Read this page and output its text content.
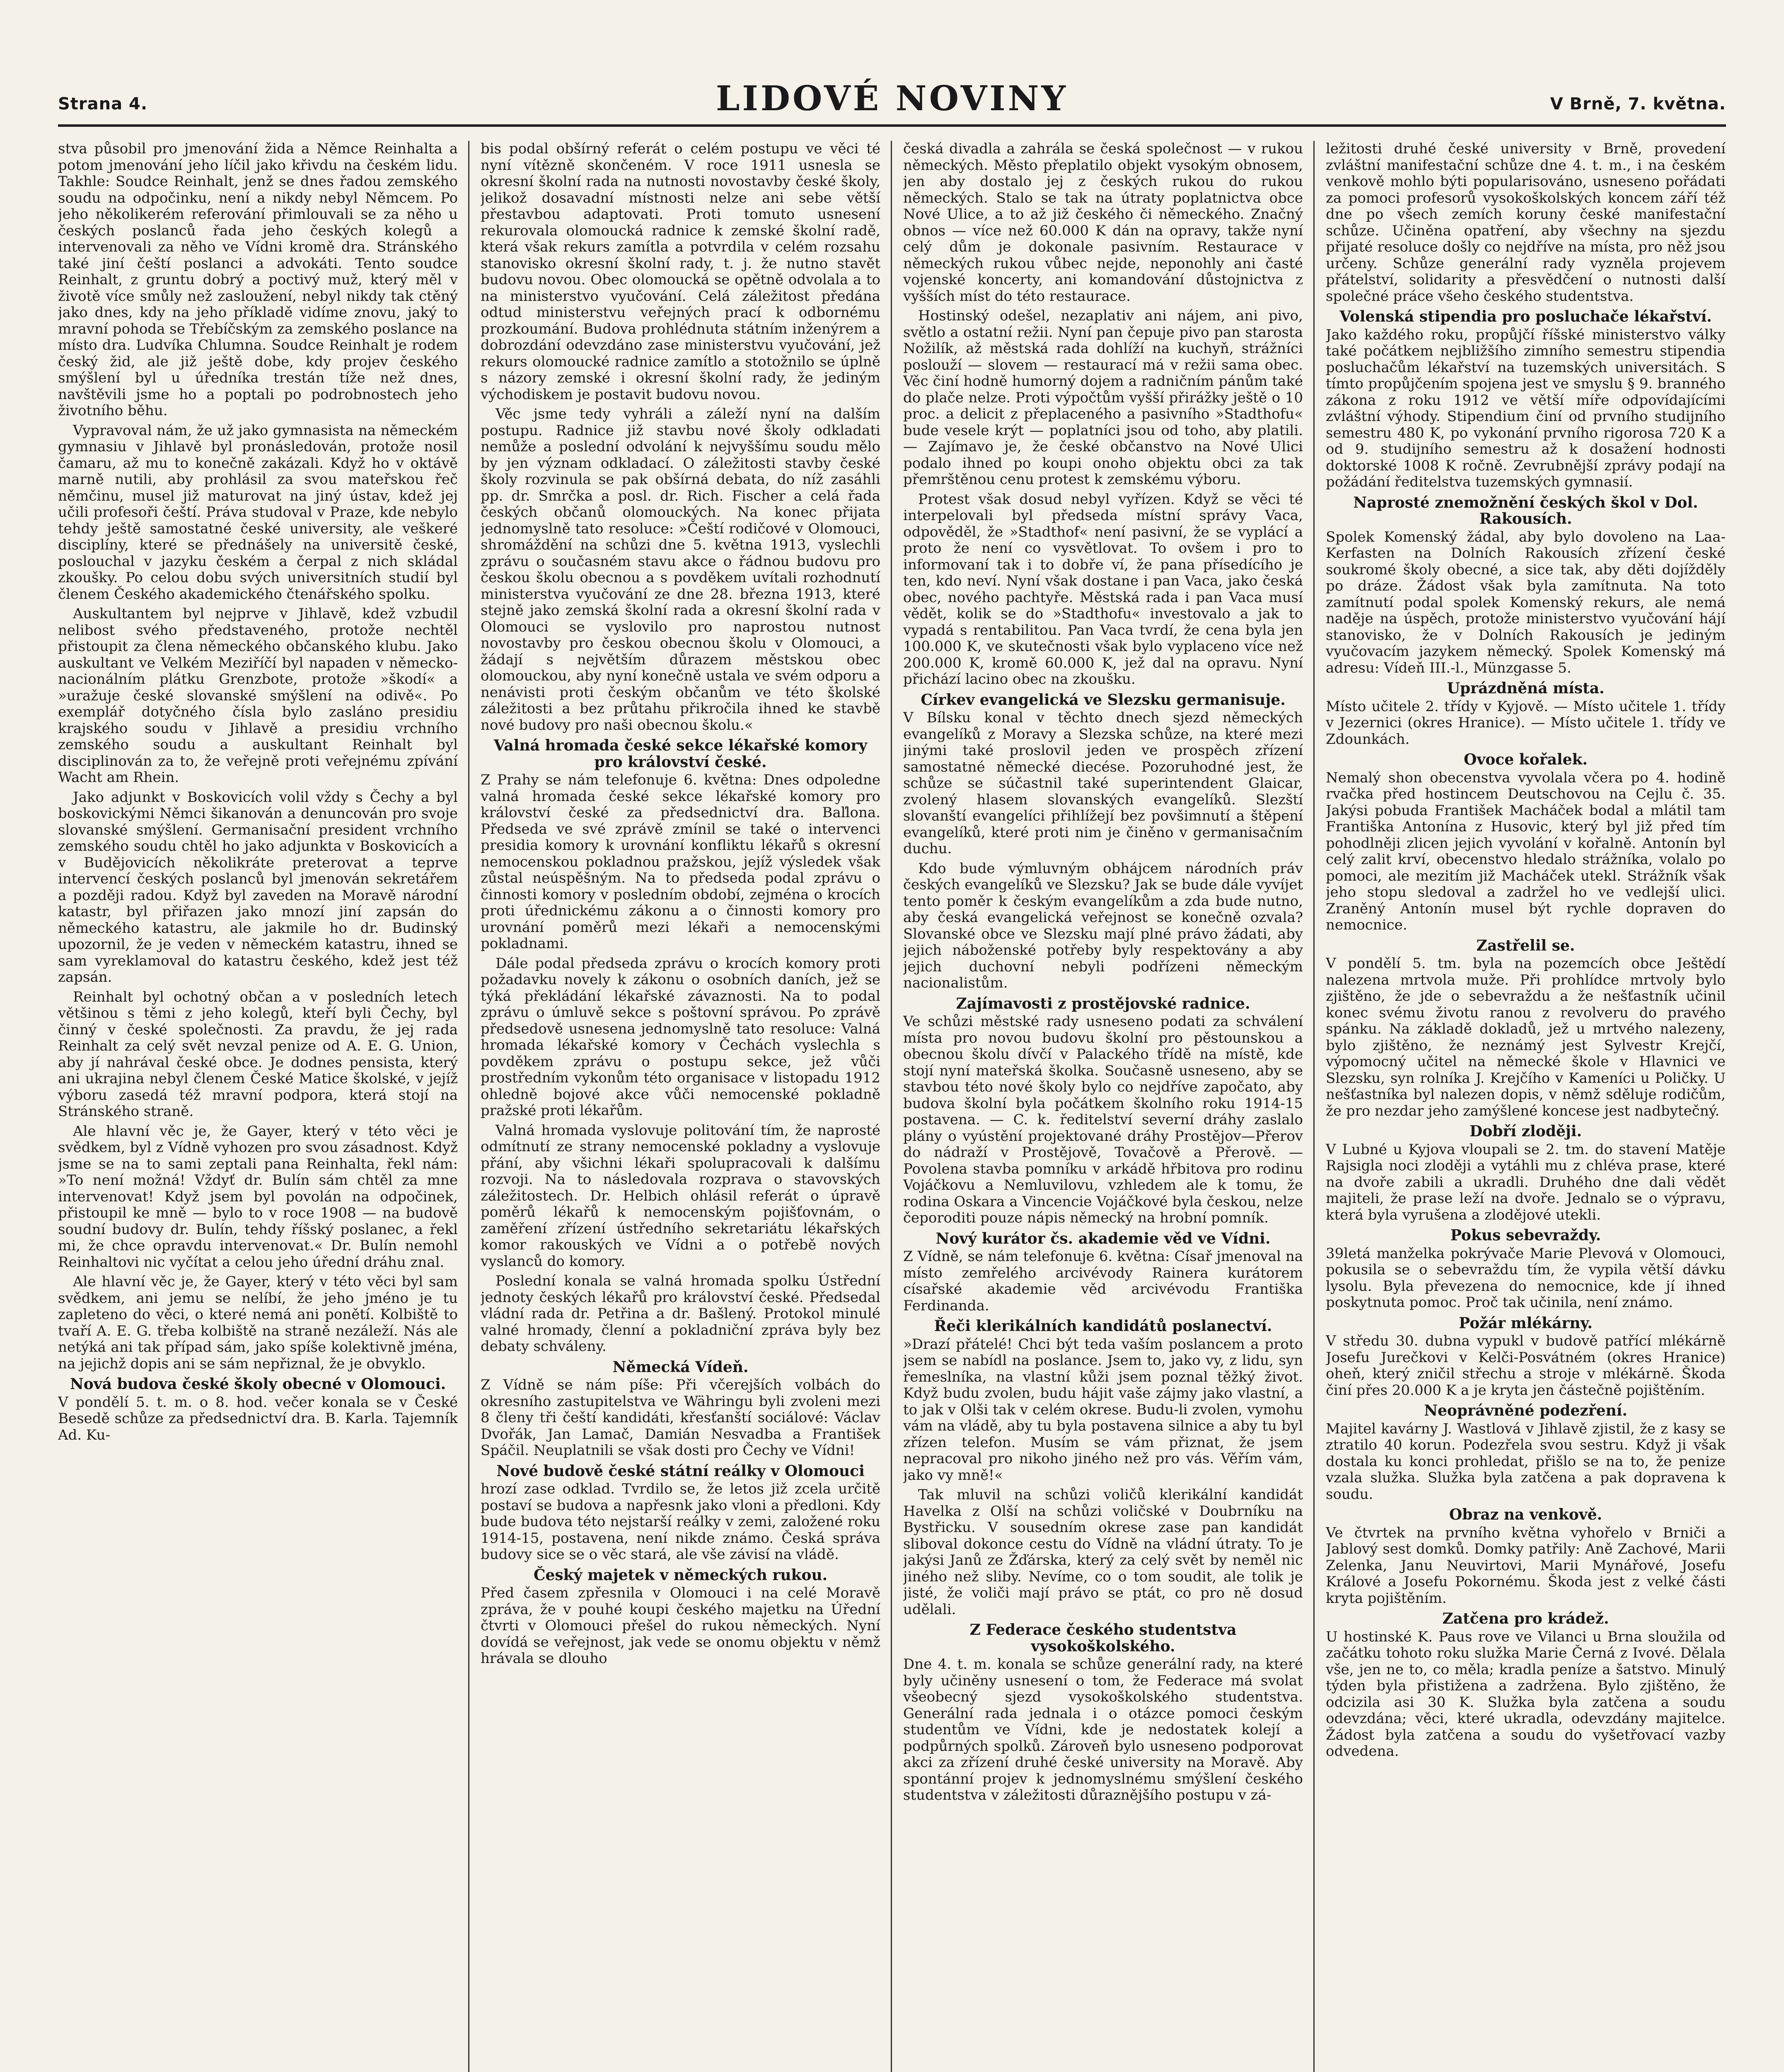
Strana 4.	LIDOVÉ NOVINY	V Brně, 7. května.

stva působil pro jmenování žida a Němce Reinhalta a potom jmenování jeho líčil jako křivdu na českém lidu. Takhle: Soudce Reinhalt, jenž se dnes řadou zemského soudu na odpočinku, není a nikdy nebyl Němcem. Po jeho několikerém referování přimlouvali se za něho u českých poslanců řada jeho českých kolegů a intervenovali za něho ve Vídni kromě dra. Stránského také jiní čeští poslanci a advokáti. Tento soudce Reinhalt, z gruntu dobrý a poctivý muž, který měl v životě více smůly než zasloužení, nebyl nikdy tak ctěný jako dnes, kdy na jeho příkladě vidíme znovu, jaký to mravní pohoda se Třebíčským za zemského poslance na místo dra. Ludvíka Chlumna. Soudce Reinhalt je rodem český žid, ale již ještě dobe, kdy projev českého smýšlení byl u úředníka trestán tíže než dnes, navštěvili jsme ho a poptali po podrobnostech jeho životního běhu.

Vypravoval nám, že už jako gymnasista na německém gymnasiu v Jihlavě byl pronásledován, protože nosil čamaru, až mu to konečně zakázali. Když ho v oktávě marně nutili, aby prohlásil za svou mateřskou řeč němčinu, musel již maturovat na jiný ústav, kdež jej učili profesoři čeští. Práva studoval v Praze, kde nebylo tehdy ještě samostatné české university, ale veškeré disciplíny, které se přednášely na universitě české, poslouchal v jazyku českém a čerpal z nich skládal zkoušky. Po celou dobu svých universitních studií byl členem Českého akademického čtenářského spolku.

Auskultantem byl nejprve v Jihlavě, kdež vzbudil nelibost svého představeného, protože nechtěl přistoupit za člena německého občanského klubu. Jako auskultant ve Velkém Meziříčí byl napaden v německo-nacionálním plátku Grenzbote, protože »škodí« a »uražuje české slovanské smýšlení na odivě«. Po exemplář dotyčného čísla bylo zasláno presidiu krajského soudu v Jihlavě a presidiu vrchního zemského soudu a auskultant Reinhalt byl disciplinován za to, že veřejně proti veřejnému zpívání Wacht am Rhein.

Jako adjunkt v Boskovicích volil vždy s Čechy a byl boskovickými Němci šikanován a denuncován pro svoje slovanské smýšlení. Germanisační president vrchního zemského soudu chtěl ho jako adjunkta v Boskovicích a v Budějovicích několikráte preterovat a teprve intervencí českých poslanců byl jmenován sekretářem a později radou. Když byl zaveden na Moravě národní katastr, byl přiřazen jako mnozí jiní zapsán do německého katastru, ale jakmile ho dr. Budinský upozornil, že je veden v německém katastru, ihned se sam vyreklamoval do katastru českého, kdež jest též zapsán.

Reinhalt byl ochotný občan a v posledních letech většinou s těmi z jeho kolegů, kteří byli Čechy, byl činný v české společnosti. Za pravdu, že jej rada Reinhalt za celý svět nevzal penize od A. E. G. Union, aby jí nahrával české obce. Je dodnes pensista, který ani ukrajina nebyl členem České Matice školské, v jejíž výboru zasedá též mravní podpora, která stojí na Stránského straně.

Ale hlavní věc je, že Gayer, který v této věci je svědkem, byl z Vídně vyhozen pro svou zásadnost. Když jsme se na to sami zeptali pana Reinhalta, řekl nám: »To není možná! Vždyť dr. Bulín sám chtěl za mne intervenovat! Když jsem byl povolán na odpočinek, přistoupil ke mně — bylo to v roce 1908 — na budově soudní budovy dr. Bulín, tehdy říšský poslanec, a řekl mi, že chce opravdu intervenovat.« Dr. Bulín nemohl Reinhaltovi nic vyčítat a celou jeho úřední dráhu znal.

Ale hlavní věc je, že Gayer, který v této věci byl sam svědkem, ani jemu se nelíbí, že jeho jméno je tu zapleteno do věci, o které nemá ani ponětí. Kolbiště to tvaří A. E. G. třeba kolbiště na straně nezáleží. Nás ale netýká ani tak případ sám, jako spíše kolektivně jména, na jejichž dopis ani se sám nepřiznal, že je obvyklo.

Nová budova české školy obecné v Olomouci.

V pondělí 5. t. m. o 8. hod. večer konala se v České Besedě schůze za předsednictví dra. B. Karla. Tajemník Ad. Ku-

bis podal obšírný referát o celém postupu ve věci té nyní vítězně skončeném. V roce 1911 usnesla se okresní školní rada na nutnosti novostavby české školy, jelikož dosavadní místnosti nelze ani sebe větší přestavbou adaptovati. Proti tomuto usnesení rekurovala olomoucká radnice k zemské školní radě, která však rekurs zamítla a potvrdila v celém rozsahu stanovisko okresní školní rady, t. j. že nutno stavět budovu novou. Obec olomoucká se opětně odvolala a to na ministerstvo vyučování. Celá záležitost předána odtud ministerstvu veřejných prací k odbornému prozkoumání. Budova prohlédnuta státním inženýrem a dobrozdání odevzdáno zase ministerstvu vyučování, jež rekurs olomoucké radnice zamítlo a stotožnilo se úplně s názory zemské i okresní školní rady, že jediným východiskem je postavit budovu novou.

Věc jsme tedy vyhráli a záleží nyní na dalším postupu. Radnice již stavbu nové školy odkladati nemůže a poslední odvolání k nejvyššímu soudu mělo by jen význam odkladací. O záležitosti stavby české školy rozvinula se pak obšírná debata, do níž zasáhli pp. dr. Smrčka a posl. dr. Rich. Fischer a celá řada českých občanů olomouckých. Na konec přijata jednomyslně tato resoluce: »Čeští rodičové v Olomouci, shromáždění na schůzi dne 5. května 1913, vyslechli zprávu o současném stavu akce o řádnou budovu pro českou školu obecnou a s povděkem uvítali rozhodnutí ministerstva vyučování ze dne 28. března 1913, které stejně jako zemská školní rada a okresní školní rada v Olomouci se vyslovilo pro naprostou nutnost novostavby pro českou obecnou školu v Olomouci, a žádají s největším důrazem městskou obec olomouckou, aby nyní konečně ustala ve svém odporu a nenávisti proti českým občanům ve této školské záležitosti a bez průtahu přikročila ihned ke stavbě nové budovy pro naši obecnou školu.«

Valná hromada české sekce lékařské komory pro království české.

Z Prahy se nám telefonuje 6. května: Dnes odpoledne valná hromada české sekce lékařské komory pro království české za předsednictví dra. Baľlona. Předseda ve své zprávě zmínil se také o intervenci presidia komory k urovnání konfliktu lékařů s okresní nemocenskou pokladnou pražskou, jejíž výsledek však zůstal neúspěšným. Na to předseda podal zprávu o činnosti komory v posledním období, zejména o krocích proti úřednickému zákonu a o činnosti komory pro urovnání poměrů mezi lékaři a nemocenskými pokladnami.

Dále podal předseda zprávu o krocích komory proti požadavku novely k zákonu o osobních daních, jež se týká překládání lékařské závaznosti. Na to podal zprávu o úmluvě sekce s poštovní správou. Po zprávě předsedově usnesena jednomyslně tato resoluce: Valná hromada lékařské komory v Čechách vyslechla s povděkem zprávu o postupu sekce, jež vůči prostředním vykonům této organisace v listopadu 1912 ohledně bojové akce vůči nemocenské pokladně pražské proti lékařům.

Valná hromada vyslovuje politování tím, že naprosté odmítnutí ze strany nemocenské pokladny a vyslovuje přání, aby všichni lékaři spolupracovali k dalšímu rozvoji. Na to následovala rozprava o stavovských záležitostech. Dr. Helbich ohlásil referát o úpravě poměrů lékařů k nemocenským pojišťovnám, o zaměření zřízení ústředního sekretariátu lékařských komor rakouských ve Vídni a o potřebě nových vyslanců do komory.

Poslední konala se valná hromada spolku Ústřední jednoty českých lékařů pro království české. Předsedal vládní rada dr. Petřina a dr. Bašlený. Protokol minulé valné hromady, členní a pokladniční zpráva byly bez debaty schváleny.

Německá Vídeň.

Z Vídně se nám píše: Při včerejších volbách do okresního zastupitelstva ve Währingu byli zvoleni mezi 8 členy tři čeští kandidáti, křesťanští sociálové: Václav Dvořák, Jan Lamač, Damián Nesvadba a František Spáčil. Neuplatnili se však dosti pro Čechy ve Vídni!

Nové budově české státní reálky v Olomouci

hrozí zase odklad. Tvrdilo se, že letos již zcela určitě postaví se budova a napřesnk jako vloni a předloni. Kdy bude budova této nejstarší reálky v zemi, založené roku 1914-15, postavena, není nikde známo. Česká správa budovy sice se o věc stará, ale vše závisí na vládě.

Český majetek v německých rukou.

Před časem zpřesnila v Olomouci i na celé Moravě zpráva, že v pouhé koupi českého majetku na Úřední čtvrti v Olomouci přešel do rukou německých. Nyní dovídá se veřejnost, jak vede se onomu objektu v němž hrávala se dlouho

česká divadla a zahrála se česká společnost — v rukou německých. Město přeplatilo objekt vysokým obnosem, jen aby dostalo jej z českých rukou do rukou německých. Stalo se tak na útraty poplatnictva obce Nové Ulice, a to až již českého či německého. Značný obnos — více než 60.000 K dán na opravy, takže nyní celý dům je dokonale pasivním. Restaurace v německých rukou vůbec nejde, neponohly ani časté vojenské koncerty, ani komandování důstojnictva z vyšších míst do této restaurace.

Hostinský odešel, nezaplativ ani nájem, ani pivo, světlo a ostatní režii. Nyní pan čepuje pivo pan starosta Nožilík, až městská rada dohlíží na kuchyň, strážníci poslouží — slovem — restaurací má v režii sama obec. Věc činí hodně humorný dojem a radničním pánům také do plače nelze. Proti výpočtům vyšší přirážky ještě o 10 proc. a delicit z přeplaceného a pasivního »Stadthofu« bude vesele krýt — poplatníci jsou od toho, aby platili. — Zajímavo je, že české občanstvo na Nové Ulici podalo ihned po koupi onoho objektu obci za tak přemrštěnou cenu protest k zemskému výboru.

Protest však dosud nebyl vyřízen. Když se věci té interpelovali byl předseda místní správy Vaca, odpověděl, že »Stadthof« není pasivní, že se vyplácí a proto že není co vysvětlovat. To ovšem i pro to informovaní tak i to dobře ví, že pana přísedícího je ten, kdo neví. Nyní však dostane i pan Vaca, jako česká obec, nového pachtyře. Městská rada i pan Vaca musí vědět, kolik se do »Stadthofu« investovalo a jak to vypadá s rentabilitou. Pan Vaca tvrdí, že cena byla jen 100.000 K, ve skutečnosti však bylo vyplaceno více než 200.000 K, kromě 60.000 K, jež dal na opravu. Nyní přichází lacino obec na zkoušku.

Církev evangelická ve Slezsku germanisuje.

V Bílsku konal v těchto dnech sjezd německých evangelíků z Moravy a Slezska schůze, na které mezi jinými také proslovil jeden ve prospěch zřízení samostatné německé diecése. Pozoruhodné jest, že schůze se súčastnil také superintendent Glaicar, zvolený hlasem slovanských evangelíků. Slezští slovanští evangelíci přihlížejí bez povšimnutí a štěpení evangelíků, které proti nim je činěno v germanisačním duchu.

Kdo bude výmluvným obhájcem národních práv českých evangelíků ve Slezsku? Jak se bude dále vyvíjet tento poměr k českým evangelíkům a zda bude nutno, aby česká evangelická veřejnost se konečně ozvala? Slovanské obce ve Slezsku mají plné právo žádati, aby jejich náboženské potřeby byly respektovány a aby jejich duchovní nebyli podřízeni německým nacionalistům.

Zajímavosti z prostějovské radnice.

Ve schůzi městské rady usneseno podati za schválení místa pro novou budovu školní pro pěstounskou a obecnou školu dívčí v Palackého třídě na místě, kde stojí nyní mateřská školka. Současně usneseno, aby se stavbou této nové školy bylo co nejdříve započato, aby budova školní byla počátkem školního roku 1914-15 postavena. — C. k. ředitelství severní dráhy zaslalo plány o vyústění projektované dráhy Prostějov—Přerov do nádraží v Prostějově, Tovačově a Přerově. — Povolena stavba pomníku v arkádě hřbitova pro rodinu Vojáčkovu a Nemluvilovu, vzhledem ale k tomu, že rodina Oskara a Vincencie Vojáčkové byla českou, nelze čeporoditi pouze nápis německý na hrobní pomník.

Nový kurátor čs. akademie věd ve Vídni.

Z Vídně, se nám telefonuje 6. května: Císař jmenoval na místo zemřelého arcivévody Rainera kurátorem císařské akademie věd arcivévodu Františka Ferdinanda.

Řeči klerikálních kandidátů poslanectví.

»Drazí přátelé! Chci být teda vaším poslancem a proto jsem se nabídl na poslance. Jsem to, jako vy, z lidu, syn řemeslníka, na vlastní kůži jsem poznal těžký život. Když budu zvolen, budu hájit vaše zájmy jako vlastní, a to jak v Olši tak v celém okrese. Budu-li zvolen, vymohu vám na vládě, aby tu byla postavena silnice a aby tu byl zřízen telefon. Musím se vám přiznat, že jsem nepracoval pro nikoho jiného než pro vás. Věřím vám, jako vy mně!«

Tak mluvil na schůzi voličů klerikální kandidát Havelka z Olší na schůzi voličské v Doubrníku na Bystřicku. V sousedním okrese zase pan kandidát sliboval dokonce cestu do Vídně na vládní útraty. To je jakýsi Janů ze Žďárska, který za celý svět by neměl nic jiného než sliby. Nevíme, co o tom soudit, ale tolik je jisté, že voliči mají právo se ptát, co pro ně dosud udělali.

Z Federace českého studentstva vysokoškolského.

Dne 4. t. m. konala se schůze generální rady, na které byly učiněny usnesení o tom, že Federace má svolat všeobecný sjezd vysokoškolského studentstva. Generální rada jednala i o otázce pomoci českým studentům ve Vídni, kde je nedostatek kolejí a podpůrných spolků. Zároveň bylo usneseno podporovat akci za zřízení druhé české university na Moravě. Aby spontánní projev k jednomyslnému smýšlení českého studentstva v záležitosti důraznějšího postupu v zá-

ležitosti druhé české university v Brně, provedení zvláštní manifestační schůze dne 4. t. m., i na českém venkově mohlo býti popularisováno, usneseno pořádati za pomoci profesorů vysokoškolských koncem září též dne po všech zemích koruny české manifestační schůze. Učiněna opatření, aby všechny na sjezdu přijaté resoluce došly co nejdříve na místa, pro něž jsou určeny. Schůze generální rady vyzněla projevem přátelství, solidarity a přesvědčení o nutnosti další společné práce všeho českého studentstva.

Volenská stipendia pro posluchače lékařství.

Jako každého roku, propůjčí říšské ministerstvo války také počátkem nejbližšího zimního semestru stipendia posluchačům lékařství na tuzemských universitách. S tímto propůjčením spojena jest ve smyslu § 9. branného zákona z roku 1912 ve větší míře odpovídajícími zvláštní výhody. Stipendium činí od prvního studijního semestru 480 K, po vykonání prvního rigorosa 720 K a od 9. studijního semestru až k dosažení hodnosti doktorské 1008 K ročně. Zevrubnější zprávy podají na požádání ředitelstva tuzemských gymnasií.

Naprosté znemožnění českých škol v Dol. Rakousích.

Spolek Komenský žádal, aby bylo dovoleno na Laa-Kerfasten na Dolních Rakousích zřízení české soukromé školy obecné, a sice tak, aby děti dojížděly po dráze. Žádost však byla zamítnuta. Na toto zamítnutí podal spolek Komenský rekurs, ale nemá naděje na úspěch, protože ministerstvo vyučování hájí stanovisko, že v Dolních Rakousích je jediným vyučovacím jazykem německý. Spolek Komenský má adresu: Vídeň III.-l., Münzgasse 5.

Uprázdněná místa.

Místo učitele 2. třídy v Kyjově. — Místo učitele 1. třídy v Jezernici (okres Hranice). — Místo učitele 1. třídy ve Zdounkách.

Ovoce kořalek.

Nemalý shon obecenstva vyvolala včera po 4. hodině rvačka před hostincem Deutschovou na Cejlu č. 35. Jakýsi pobuda František Macháček bodal a mlátil tam Františka Antonína z Husovic, který byl již před tím pohodlněji zlicen jejich vyvolání v kořalně. Antonín byl celý zalit krví, obecenstvo hledalo strážníka, volalo po pomoci, ale mezitím již Macháček utekl. Strážník však jeho stopu sledoval a zadržel ho ve vedlejší ulici. Zraněný Antonín musel být rychle dopraven do nemocnice.

Zastřelil se.

V pondělí 5. tm. byla na pozemcích obce Ještědí nalezena mrtvola muže. Při prohlídce mrtvoly bylo zjištěno, že jde o sebevraždu a že nešťastník učinil konec svému životu ranou z revolveru do pravého spánku. Na základě dokladů, jež u mrtvého nalezeny, bylo zjištěno, že neznámý jest Sylvestr Krejčí, výpomocný učitel na německé škole v Hlavnici ve Slezsku, syn rolníka J. Krejčího v Kameníci u Poličky. U nešťastníka byl nalezen dopis, v němž sděluje rodičům, že pro nezdar jeho zamýšlené koncese jest nadbytečný.

Dobří zloději.

V Lubné u Kyjova vloupali se 2. tm. do stavení Matěje Rajsigla noci zloději a vytáhli mu z chléva prase, které na dvoře zabili a ukradli. Druhého dne dali vědět majiteli, že prase leží na dvoře. Jednalo se o výpravu, která byla vyrušena a zlodějové utekli.

Pokus sebevraždy.

39letá manželka pokrývače Marie Plevová v Olomouci, pokusila se o sebevraždu tím, že vypila větší dávku lysolu. Byla převezena do nemocnice, kde jí ihned poskytnuta pomoc. Proč tak učinila, není známo.

Požár mlékárny.

V středu 30. dubna vypukl v budově patřící mlékárně Josefu Jurečkovi v Kelči-Posvátném (okres Hranice) oheň, který zničil střechu a stroje v mlékárně. Škoda činí přes 20.000 K a je kryta jen částečně pojištěním.

Neoprávněné podezření.

Majitel kavárny J. Wastlová v Jihlavě zjistil, že z kasy se ztratilo 40 korun. Podezřela svou sestru. Když ji však dostala ku konci prohledat, přišlo se na to, že penize vzala služka. Služka byla zatčena a pak dopravena k soudu.

Obraz na venkově.

Ve čtvrtek na prvního května vyhořelo v Brniči a Jablový sest domků. Domky patřily: Aně Zachové, Marii Zelenka, Janu Neuvirtovi, Marii Mynářové, Josefu Králové a Josefu Pokornému. Škoda jest z velké části kryta pojištěním.

Zatčena pro krádež.

U hostinské K. Paus rove ve Vilanci u Brna sloužila od začátku tohoto roku služka Marie Černá z Ivové. Dělala vše, jen ne to, co měla; kradla peníze a šatstvo. Minulý týden byla přistižena a zadržena. Bylo zjištěno, že odcizila asi 30 K. Služka byla zatčena a soudu odevzdána; věci, které ukradla, odevzdány majitelce. Žádost byla zatčena a soudu do vyšetřovací vazby odvedena.
